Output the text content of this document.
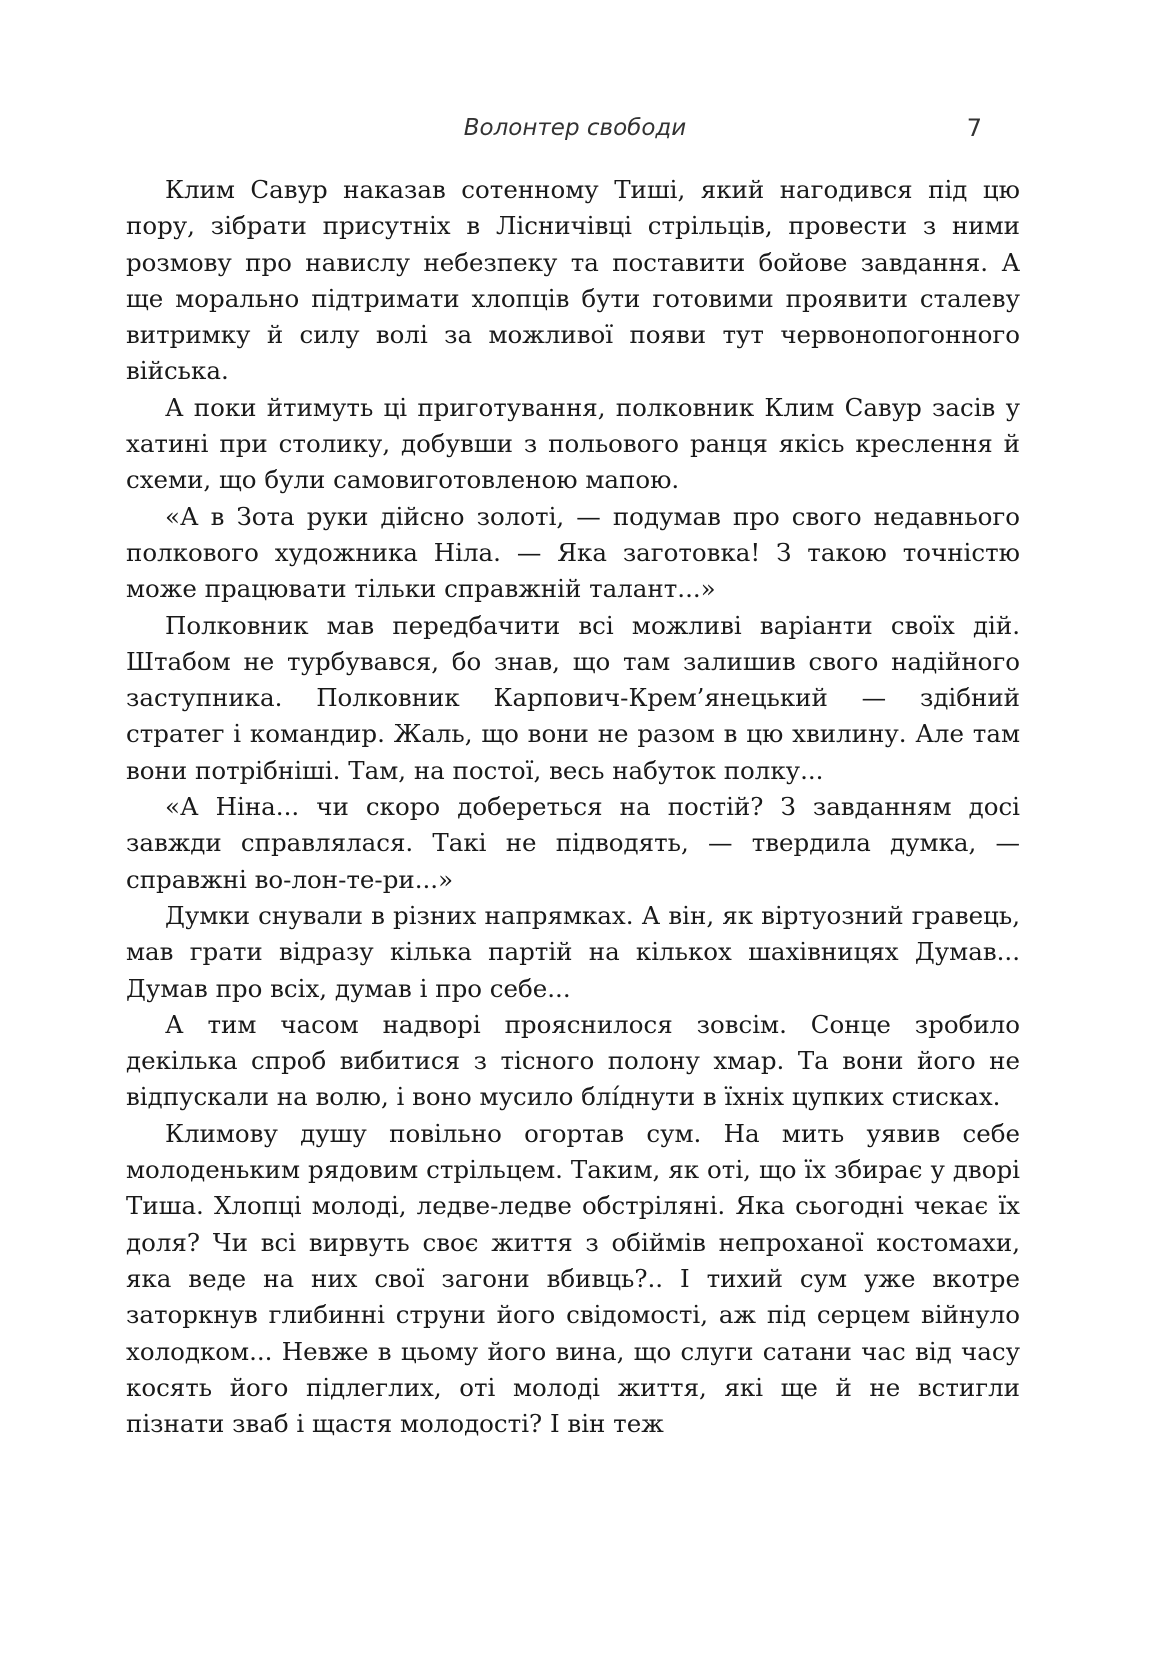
Волонтер свободи	7

Клим Савур наказав сотенному Тиші, який нагодився під цю пору, зібрати присутніх в Лісничівці стрільців, провести з ними розмову про навислу небезпеку та поставити бойове завдання. А ще морально підтримати хлопців бути готовими проявити сталеву витримку й силу волі за можливої появи тут червонопогонного війська.

А поки йтимуть ці приготування, полковник Клим Савур засів у хатині при столику, добувши з польового ранця якісь креслення й схеми, що були самовиготовленою мапою.

«А в Зота руки дійсно золоті, — подумав про свого недавнього полкового художника Ніла. — Яка заготовка! З такою точністю може працювати тільки справжній талант...»

Полковник мав передбачити всі можливі варіанти своїх дій. Штабом не турбувався, бо знав, що там залишив свого надійного заступника. Полковник Карпович-Крем’янецький — здібний стратег і командир. Жаль, що вони не разом в цю хвилину. Але там вони потрібніші. Там, на постої, весь набуток полку...

«А Ніна... чи скоро добереться на постій? З завданням досі завжди справлялася. Такі не підводять, — твердила думка, — справжні во-лон-те-ри...»

Думки снували в різних напрямках. А він, як віртуозний гравець, мав грати відразу кілька партій на кількох шахівницях Думав... Думав про всіх, думав і про себе...

А тим часом надворі прояснилося зовсім. Сонце зробило декілька спроб вибитися з тісного полону хмар. Та вони його не відпускали на волю, і воно мусило блíднути в їхніх цупких стисках.

Климову душу повільно огортав сум. На мить уявив себе молоденьким рядовим стрільцем. Таким, як оті, що їх збирає у дворі Тиша. Хлопці молоді, ледве-ледве обстріляні. Яка сьогодні чекає їх доля? Чи всі вирвуть своє життя з обіймів непроханої костомахи, яка веде на них свої загони вбивць?.. І тихий сум уже вкотре заторкнув глибинні струни його свідомості, аж під серцем війнуло холодком... Невже в цьому його вина, що слуги сатани час від часу косять його підлеглих, оті молоді життя, які ще й не встигли пізнати зваб і щастя молодості? І він теж
